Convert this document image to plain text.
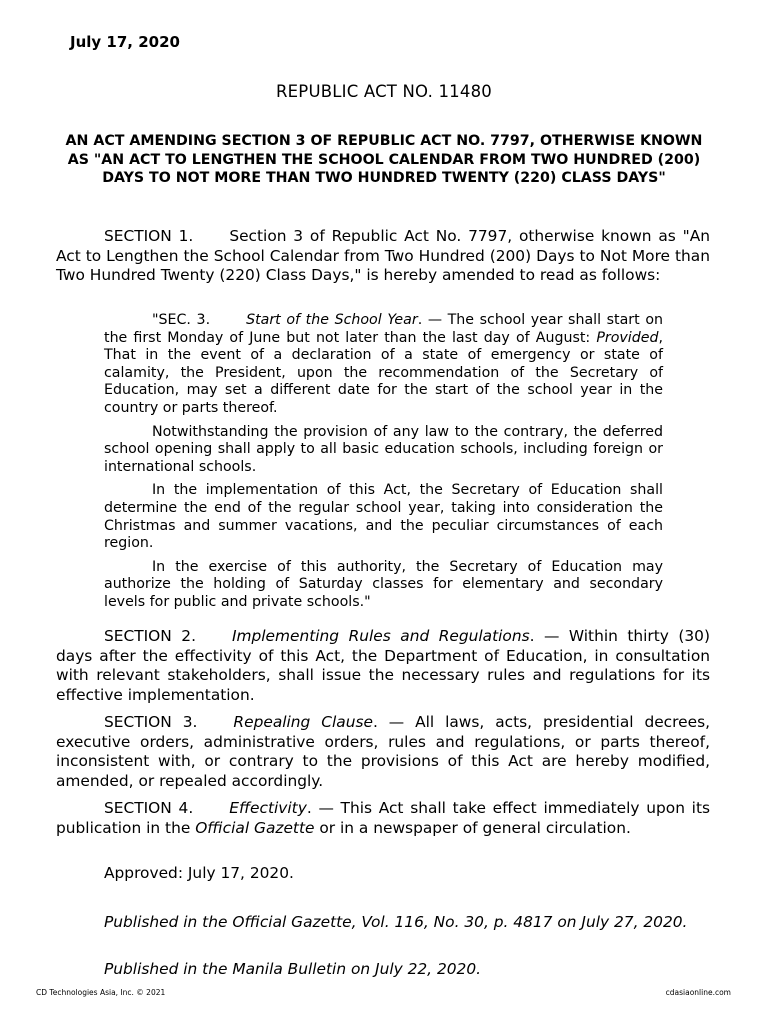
July 17, 2020
REPUBLIC ACT NO. 11480
AN ACT AMENDING SECTION 3 OF REPUBLIC ACT NO. 7797, OTHERWISE KNOWN AS "AN ACT TO LENGTHEN THE SCHOOL CALENDAR FROM TWO HUNDRED (200) DAYS TO NOT MORE THAN TWO HUNDRED TWENTY (220) CLASS DAYS"
SECTION 1. Section 3 of Republic Act No. 7797, otherwise known as "An Act to Lengthen the School Calendar from Two Hundred (200) Days to Not More than Two Hundred Twenty (220) Class Days," is hereby amended to read as follows:

"SEC. 3.	Start of the School Year. — The school year shall start on the first Monday of June but not later than the last day of August: Provided, That in the event of a declaration of a state of emergency or state of calamity, the President, upon the recommendation of the Secretary of Education, may set a different date for the start of the school year in the country or parts thereof.

Notwithstanding the provision of any law to the contrary, the deferred school opening shall apply to all basic education schools, including foreign or international schools.

In the implementation of this Act, the Secretary of Education shall determine the end of the regular school year, taking into consideration the Christmas and summer vacations, and the peculiar circumstances of each region.

In the exercise of this authority, the Secretary of Education may authorize the holding of Saturday classes for elementary and secondary levels for public and private schools."

SECTION 2. Implementing Rules and Regulations. — Within thirty (30) days after the effectivity of this Act, the Department of Education, in consultation with relevant stakeholders, shall issue the necessary rules and regulations for its effective implementation.

SECTION 3. Repealing Clause. — All laws, acts, presidential decrees, executive orders, administrative orders, rules and regulations, or parts thereof, inconsistent with, or contrary to the provisions of this Act are hereby modified, amended, or repealed accordingly.

SECTION 4. Effectivity. — This Act shall take effect immediately upon its publication in the Official Gazette or in a newspaper of general circulation.

Approved: July 17, 2020.

Published in the Official Gazette, Vol. 116, No. 30, p. 4817 on July 27, 2020.

Published in the Manila Bulletin on July 22, 2020.

CD Technologies Asia, Inc. © 2021	cdasiaonline.com
